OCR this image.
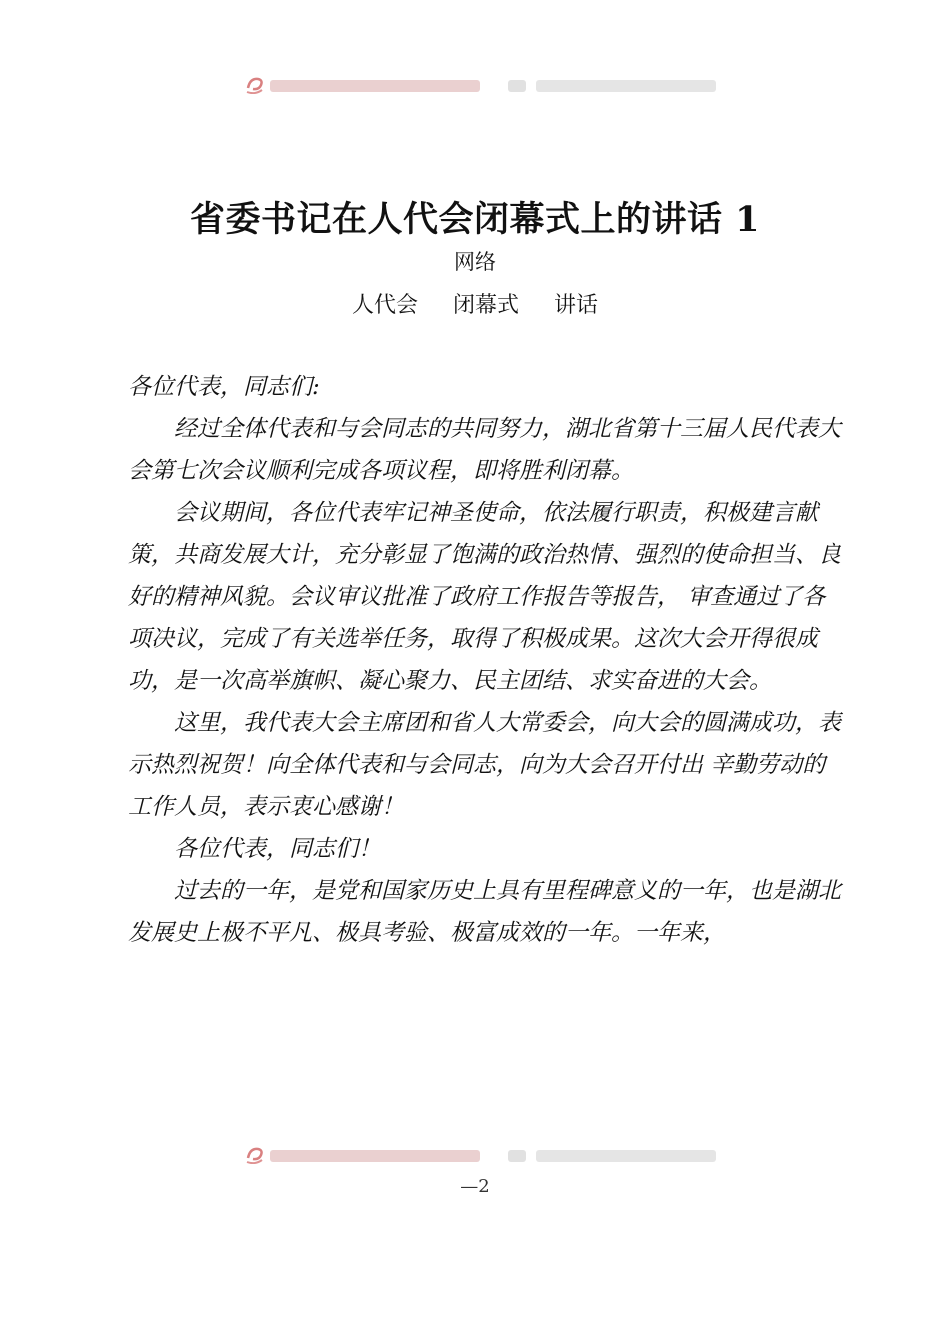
省委书记在人代会闭幕式上的讲话 1

网络

人代会 闭幕式 讲话

各位代表，同志们:

经过全体代表和与会同志的共同努力，湖北省第十三届人民代表大会第七次会议顺利完成各项议程，即将胜利闭幕。

会议期间，各位代表牢记神圣使命，依法履行职责，积极建言献策，共商发展大计，充分彰显了饱满的政治热情、强烈的使命担当、良好的精神风貌。会议审议批准了政府工作报告等报告， 审查通过了各项决议，完成了有关选举任务，取得了积极成果。这次大会开得很成功，是一次高举旗帜、凝心聚力、民主团结、求实奋进的大会。

这里，我代表大会主席团和省人大常委会，向大会的圆满成功，表示热烈祝贺！向全体代表和与会同志，向为大会召开付出 辛勤劳动的工作人员，表示衷心感谢！

各位代表，同志们！

过去的一年，是党和国家历史上具有里程碑意义的一年，也是湖北发展史上极不平凡、极具考验、极富成效的一年。一年来，

—2
